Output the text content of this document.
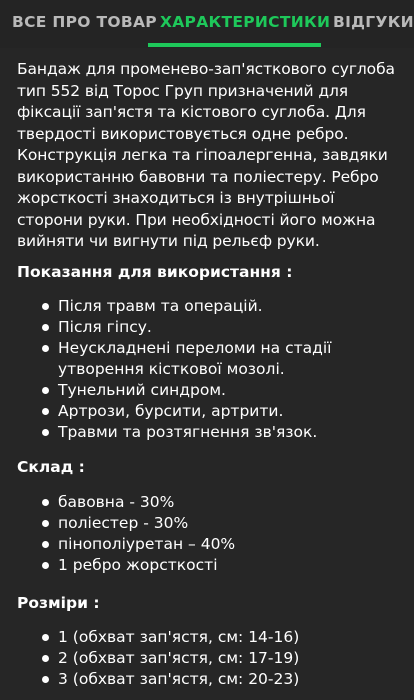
ВСЕ ПРО ТОВАР ХАРАКТЕРИСТИКИ ВІДГУКИ

Бандаж для променево-зап'ясткового суглоба тип 552 від Торос Груп призначений для фіксації зап'ястя та кістового суглоба. Для твердості використовується одне ребро. Конструкція легка та гіпоалергенна, завдяки використанню бавовни та поліестеру. Ребро жорсткості знаходиться із внутрішньої сторони руки. При необхідності його можна вийняти чи вигнути під рельєф руки.

Показання для використання :
Після травм та операцій.
Після гіпсу.
Неускладнені переломи на стадії утворення кісткової мозолі.
Тунельний синдром.
Артрози, бурсити, артрити.
Травми та розтягнення зв'язок.
Склад :
бавовна - 30%
поліестер - 30%
пінополіуретан – 40%
1 ребро жорсткості
Розміри :
1 (обхват зап'ястя, см: 14-16)
2 (обхват зап'ястя, см: 17-19)
3 (обхват зап'ястя, см: 20-23)
